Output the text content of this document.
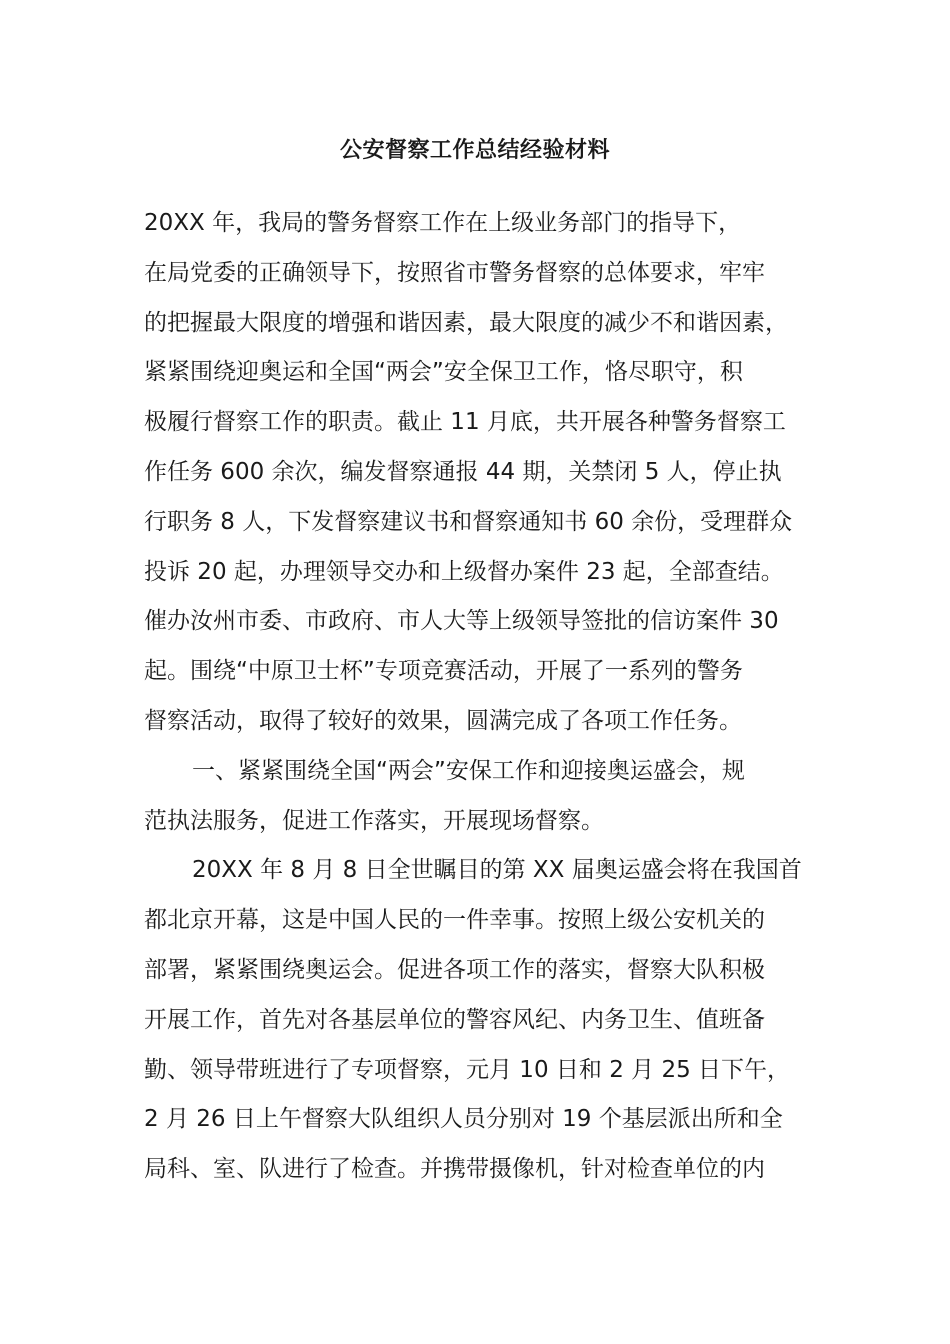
公安督察工作总结经验材料
20XX 年，我局的警务督察工作在上级业务部门的指导下，
在局党委的正确领导下，按照省市警务督察的总体要求，牢牢
的把握最大限度的增强和谐因素，最大限度的减少不和谐因素，
紧紧围绕迎奥运和全国“两会”安全保卫工作，恪尽职守，积
极履行督察工作的职责。截止 11 月底，共开展各种警务督察工
作任务 600 余次，编发督察通报 44 期，关禁闭 5 人，停止执
行职务 8 人，下发督察建议书和督察通知书 60 余份，受理群众
投诉 20 起，办理领导交办和上级督办案件 23 起，全部查结。
催办汝州市委、市政府、市人大等上级领导签批的信访案件 30
起。围绕“中原卫士杯”专项竞赛活动，开展了一系列的警务
督察活动，取得了较好的效果，圆满完成了各项工作任务。
一、紧紧围绕全国“两会”安保工作和迎接奥运盛会，规
范执法服务，促进工作落实，开展现场督察。
20XX 年 8 月 8 日全世瞩目的第 XX 届奥运盛会将在我国首
都北京开幕，这是中国人民的一件幸事。按照上级公安机关的
部署，紧紧围绕奥运会。促进各项工作的落实，督察大队积极
开展工作，首先对各基层单位的警容风纪、内务卫生、值班备
勤、领导带班进行了专项督察，元月 10 日和 2 月 25 日下午，
2 月 26 日上午督察大队组织人员分别对 19 个基层派出所和全
局科、室、队进行了检查。并携带摄像机，针对检查单位的内
